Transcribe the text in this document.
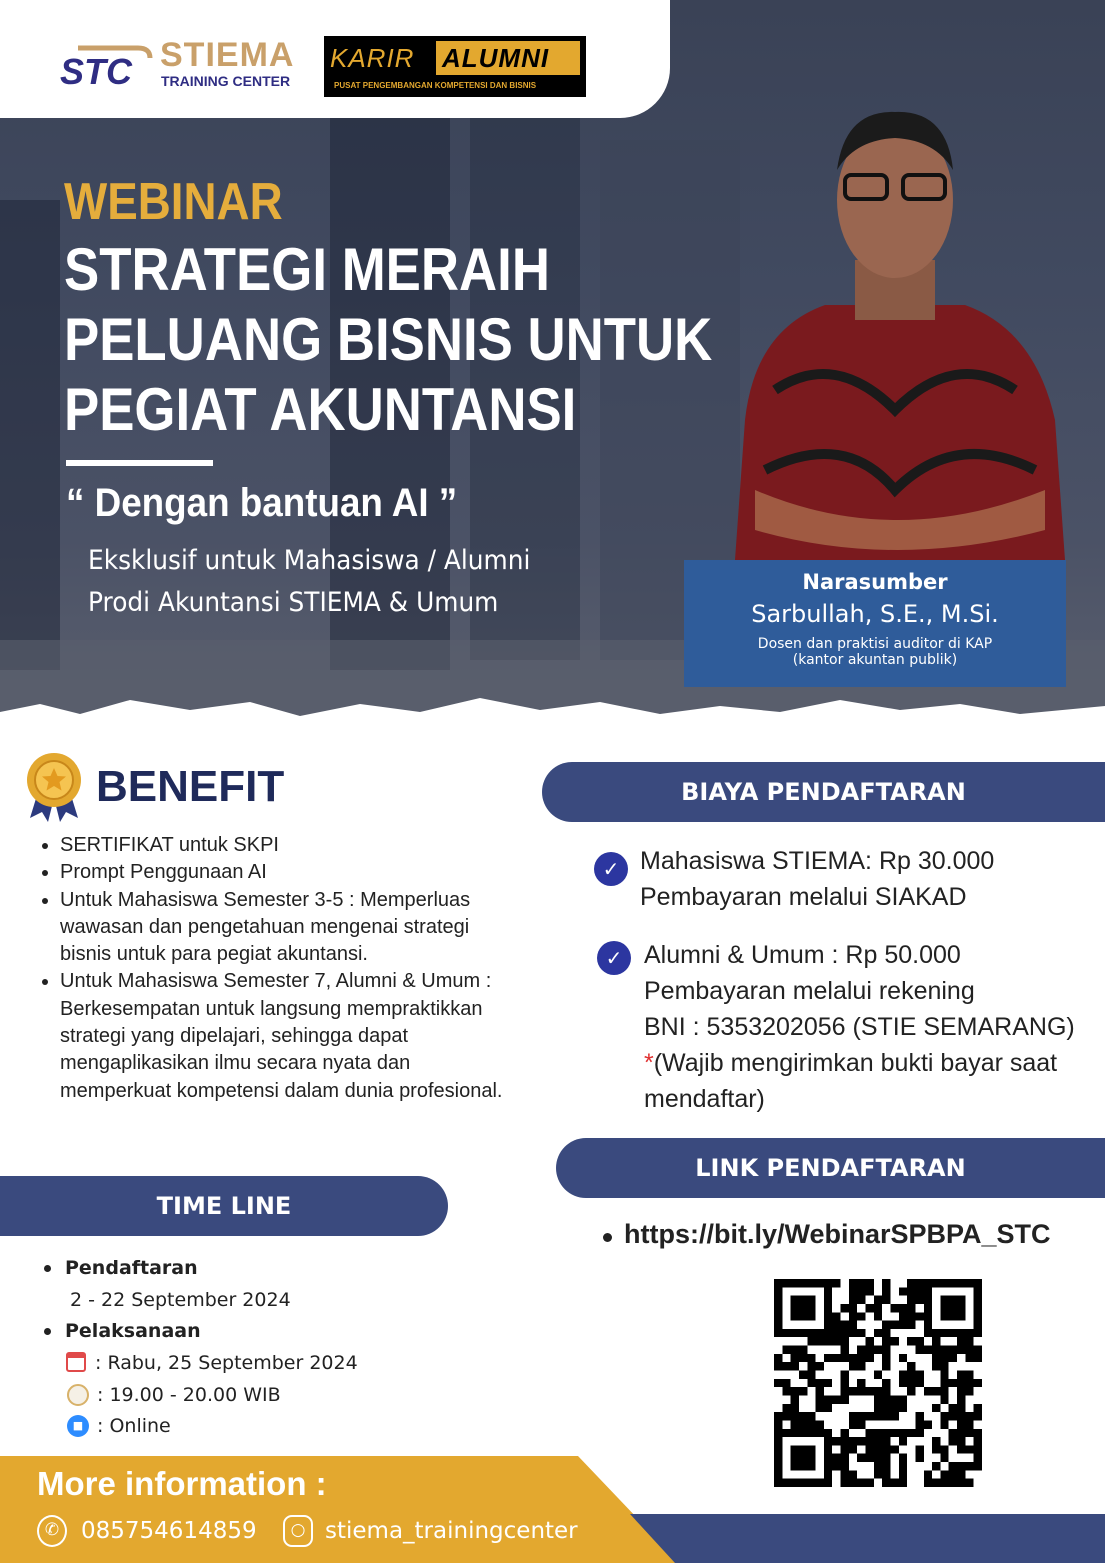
STC STIEMA
TRAINING CENTER
KARIR ALUMNI
PUSAT PENGEMBANGAN KOMPETENSI DAN BISNIS
WEBINAR
STRATEGI MERAIH
PELUANG BISNIS UNTUK
PEGIAT AKUNTANSI
“ Dengan bantuan AI ”
Eksklusif untuk Mahasiswa / Alumni
Prodi Akuntansi STIEMA & Umum
Narasumber
Sarbullah, S.E., M.Si.
Dosen dan praktisi auditor di KAP
(kantor akuntan publik)
BENEFIT
• SERTIFIKAT untuk SKPI
• Prompt Penggunaan AI
• Untuk Mahasiswa Semester 3-5 : Memperluas wawasan dan pengetahuan mengenai strategi bisnis untuk para pegiat akuntansi.
• Untuk Mahasiswa Semester 7, Alumni & Umum : Berkesempatan untuk langsung mempraktikkan strategi yang dipelajari, sehingga dapat mengaplikasikan ilmu secara nyata dan memperkuat kompetensi dalam dunia profesional.
TIME LINE
Pendaftaran
2 - 22 September 2024
Pelaksanaan
: Rabu, 25 September 2024
: 19.00 - 20.00 WIB
■ : Online
BIAYA PENDAFTARAN
✓ Mahasiswa STIEMA: Rp 30.000
Pembayaran melalui SIAKAD
✓ Alumni & Umum : Rp 50.000
Pembayaran melalui rekening
BNI : 5353202056 (STIE SEMARANG)
*(Wajib mengirimkan bukti bayar saat
mendaftar)
LINK PENDAFTARAN
https://bit.ly/WebinarSPBPA_STC
More information :
✆ 085754614859	○ stiema_trainingcenter
